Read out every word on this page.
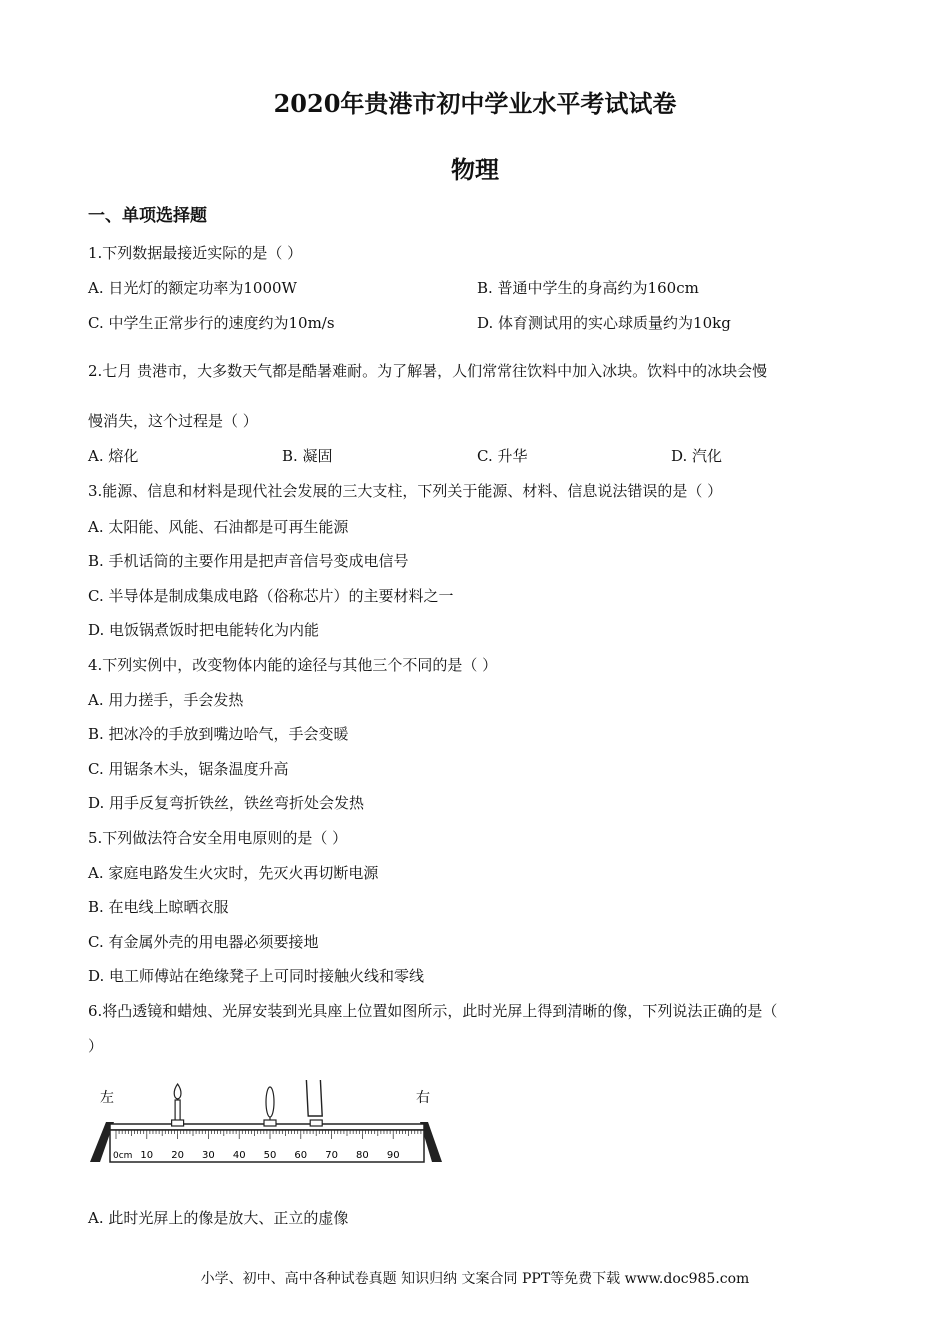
2020年贵港市初中学业水平考试试卷
物理
一、单项选择题
1.下列数据最接近实际的是（ ）
A. 日光灯的额定功率为1000W	B. 普通中学生的身高约为160cm
C. 中学生正常步行的速度约为10m/s	D. 体育测试用的实心球质量约为10kg
2.七月 贵港市，大多数天气都是酷暑难耐。为了解暑，人们常常往饮料中加入冰块。饮料中的冰块会慢
慢消失，这个过程是（ ）
A. 熔化	B. 凝固	C. 升华	D. 汽化
3.能源、信息和材料是现代社会发展的三大支柱，下列关于能源、材料、信息说法错误的是（ ）
A. 太阳能、风能、石油都是可再生能源
B. 手机话筒的主要作用是把声音信号变成电信号
C. 半导体是制成集成电路（俗称芯片）的主要材料之一
D. 电饭锅煮饭时把电能转化为内能
4.下列实例中，改变物体内能的途径与其他三个不同的是（ ）
A. 用力搓手，手会发热
B. 把冰冷的手放到嘴边哈气，手会变暖
C. 用锯条木头，锯条温度升高
D. 用手反复弯折铁丝，铁丝弯折处会发热
5.下列做法符合安全用电原则的是（ ）
A. 家庭电路发生火灾时，先灭火再切断电源
B. 在电线上晾晒衣服
C. 有金属外壳的用电器必须要接地
D. 电工师傅站在绝缘凳子上可同时接触火线和零线
6.将凸透镜和蜡烛、光屏安装到光具座上位置如图所示，此时光屏上得到清晰的像，下列说法正确的是（
）
左	右
0cm 10 20 30 40 50 60 70 80 90
A. 此时光屏上的像是放大、正立的虚像
小学、初中、高中各种试卷真题 知识归纳 文案合同 PPT等免费下载 www.doc985.com
